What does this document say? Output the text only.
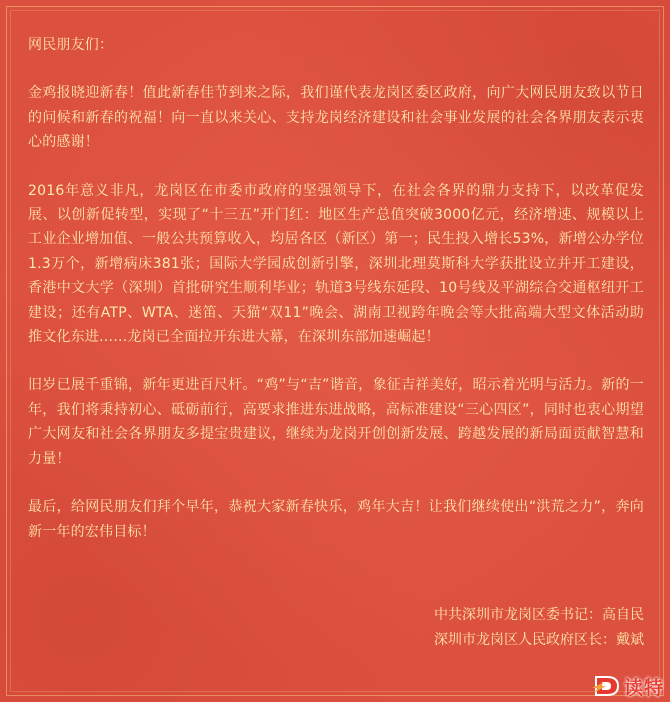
网民朋友们：

金鸡报晓迎新春！值此新春佳节到来之际，我们谨代表龙岗区委区政府，向广大网民朋友致以节日的问候和新春的祝福！向一直以来关心、支持龙岗经济建设和社会事业发展的社会各界朋友表示衷心的感谢！

2016年意义非凡，龙岗区在市委市政府的坚强领导下，在社会各界的鼎力支持下，以改革促发展、以创新促转型，实现了“十三五”开门红：地区生产总值突破3000亿元，经济增速、规模以上工业企业增加值、一般公共预算收入，均居各区（新区）第一；民生投入增长53%，新增公办学位1.3万个，新增病床381张；国际大学园成创新引擎，深圳北理莫斯科大学获批设立并开工建设，香港中文大学（深圳）首批研究生顺利毕业；轨道3号线东延段、10号线及平湖综合交通枢纽开工建设；还有ATP、WTA、迷笛、天猫“双11”晚会、湖南卫视跨年晚会等大批高端大型文体活动助推文化东进……龙岗已全面拉开东进大幕，在深圳东部加速崛起！

旧岁已展千重锦，新年更进百尺杆。“鸡”与“吉”谐音，象征吉祥美好，昭示着光明与活力。新的一年，我们将秉持初心、砥砺前行，高要求推进东进战略，高标准建设“三心四区”，同时也衷心期望广大网友和社会各界朋友多提宝贵建议，继续为龙岗开创创新发展、跨越发展的新局面贡献智慧和力量！

最后，给网民朋友们拜个早年，恭祝大家新春快乐，鸡年大吉！让我们继续使出“洪荒之力”，奔向新一年的宏伟目标！

中共深圳市龙岗区委书记：高自民

深圳市龙岗区人民政府区长：戴斌

读特
